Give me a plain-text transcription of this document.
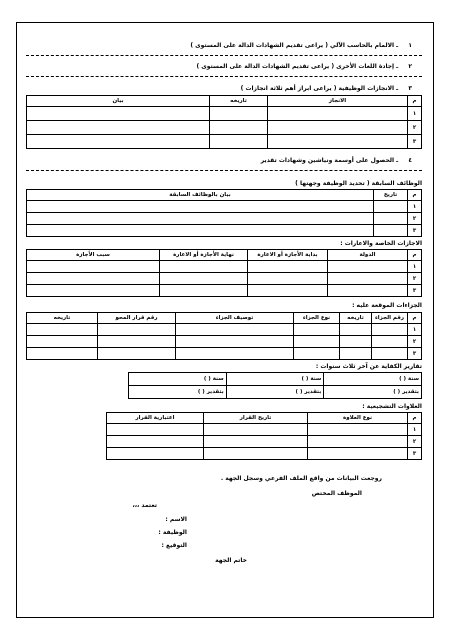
١ ـ الالمام بالحاسب الآلي ( يراعى تقديم الشهادات الدالة على المستوى )
٢ ـ إجادة اللغات الأخرى ( يراعى تقديم الشهادات الدالة على المستوى )
٣ ـ الانجازات الوظيفية ( يراعى ابراز أهم ثلاثة انجازات )
م	الانجاز	تاريخه	بيان
١			
٢			
٣			
٤ ـ الحصول على أوسمة ونياشين وشهادات تقدير
الوظائف السابقة ( تحديد الوظيفة وجهتها )
م	تاريخ	بيان بالوظائف السابقة
١		
٢		
٣		
الاجازات الخاصة والاعارات :
م	الدولة	بداية الأجازة أو الاعارة	نهاية الأجازة أو الاعارة	سبب الأجازة
١				
٢				
٣				
الجزاءات الموقعة عليه :
م	رقم الجزاء	تاريخه	نوع الجزاء	توصيف الجزاء	رقم قرار المحو	تاريخه
١						
٢						
٣						
تقارير الكفاية عن آخر ثلاث سنوات :
سنة ( )	سنة ( )	سنة ( )
بتقدير ( )	بتقدير ( )	بتقدير ( )
العلاوات التشجيعية :
م	نوع العلاوة	تاريخ القرار	اعتبارية القرار
١			
٢			
٣			
روجعت البيانات من واقع الملف الفرعي وسجل الجهة .
الموظف المختص
تعتمد ،،،
الاسم :
الوظيفة :
التوقيع :
خاتم الجهة
